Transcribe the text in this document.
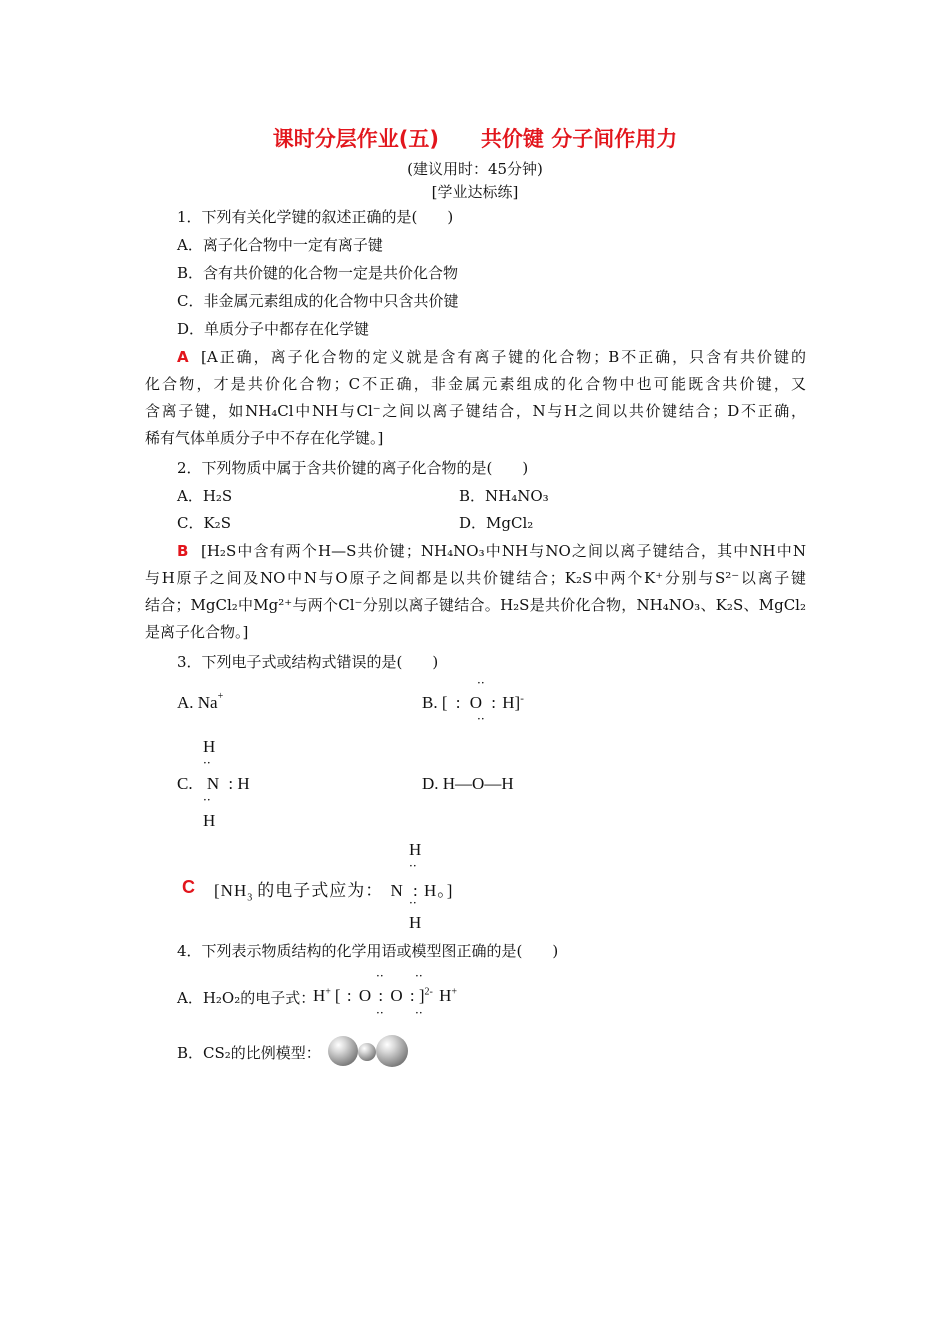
课时分层作业(五)　　共价键 分子间作用力
(建议用时：45分钟)
[学业达标练]
1．下列有关化学键的叙述正确的是(　　)
A．离子化合物中一定有离子键
B．含有共价键的化合物一定是共价化合物
C．非金属元素组成的化合物中只含共价键
D．单质分子中都存在化学键
A [A正确，离子化合物的定义就是含有离子键的化合物；B不正确，只含有共价键的
化合物，才是共价化合物；C不正确，非金属元素组成的化合物中也可能既含共价键，又
含离子键，如NH₄Cl中NH与Cl⁻之间以离子键结合，N与H之间以共价键结合；D不正确，
稀有气体单质分子中不存在化学键。]
2．下列物质中属于含共价键的离子化合物的是(　　)
A．H₂S	B．NH₄NO₃
C．K₂S	D．MgCl₂
B [H₂S中含有两个H—S共价键；NH₄NO₃中NH与NO之间以离子键结合，其中NH中N
与H原子之间及NO中N与O原子之间都是以共价键结合；K₂S中两个K⁺分别与S²⁻以离子键
结合；MgCl₂中Mg²⁺与两个Cl⁻分别以离子键结合。H₂S是共价化合物，NH₄NO₃、K₂S、MgCl₂
是离子化合物。]
3．下列电子式或结构式错误的是(　　)
A. Na+	B. [ : O : H]-
··
··
H
··
C. N : H
··
H
D. H—O—H
H
··
C [$NH_3$ 的电子式应为： N : H。]
··
H
4．下列表示物质结构的化学用语或模型图正确的是(　　)
··	··
A．H₂O₂的电子式：
H+ [ : O : O : ]$^{2-}$ H+
··	··
B．CS₂的比例模型：
